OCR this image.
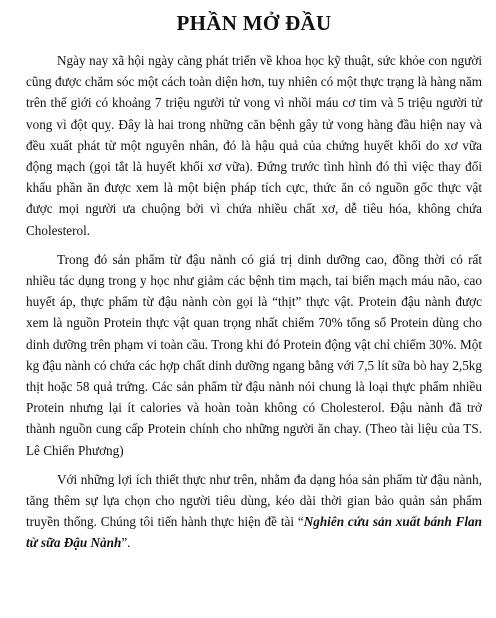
PHẦN MỞ ĐẦU

Ngày nay xã hội ngày càng phát triển về khoa học kỹ thuật, sức khỏe con người cũng được chăm sóc một cách toàn diện hơn, tuy nhiên có một thực trạng là hàng năm trên thế giới có khoảng 7 triệu người tử vong vì nhồi máu cơ tim và 5 triệu người tử vong vì đột quỵ. Đây là hai trong những căn bệnh gây tử vong hàng đầu hiện nay và đều xuất phát từ một nguyên nhân, đó là hậu quả của chứng huyết khối do xơ vữa động mạch (gọi tắt là huyết khối xơ vữa). Đứng trước tình hình đó thì việc thay đổi khẩu phần ăn được xem là một biện pháp tích cực, thức ăn có nguồn gốc thực vật được mọi người ưa chuộng bởi vì chứa nhiều chất xơ, dễ tiêu hóa, không chứa Cholesterol.

Trong đó sản phẩm từ đậu nành có giá trị dinh dưỡng cao, đồng thời có rất nhiều tác dụng trong y học như giảm các bệnh tim mạch, tai biến mạch máu não, cao huyết áp, thực phẩm từ đậu nành còn gọi là “thịt” thực vật. Protein đậu nành được xem là nguồn Protein thực vật quan trọng nhất chiếm 70% tổng số Protein dùng cho dinh dưỡng trên phạm vi toàn cầu. Trong khi đó Protein động vật chỉ chiếm 30%. Một kg đậu nành có chứa các hợp chất dinh dưỡng ngang bằng với 7,5 lít sữa bò hay 2,5kg thịt hoặc 58 quả trứng. Các sản phẩm từ đậu nành nói chung là loại thực phẩm nhiều Protein nhưng lại ít calories và hoàn toàn không có Cholesterol. Đậu nành đã trở thành nguồn cung cấp Protein chính cho những người ăn chay. (Theo tài liệu của TS. Lê Chiến Phương)

Với những lợi ích thiết thực như trên, nhằm đa dạng hóa sản phẩm từ đậu nành, tăng thêm sự lựa chọn cho người tiêu dùng, kéo dài thời gian bảo quản sản phẩm truyền thống. Chúng tôi tiến hành thực hiện đề tài “Nghiên cứu sản xuất bánh Flan từ sữa Đậu Nành”.
